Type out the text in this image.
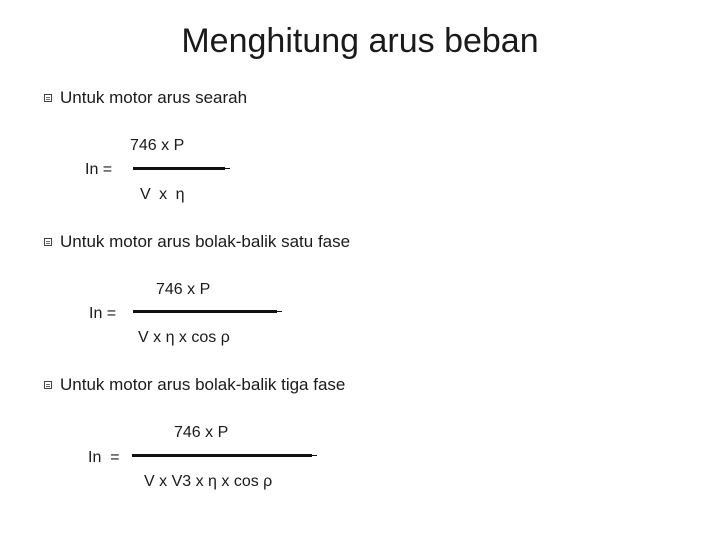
Menghitung arus beban
Untuk motor arus searah
746 x P
In =
V x η
Untuk motor arus bolak-balik satu fase
746 x P
In =
V x η x cos ρ
Untuk motor arus bolak-balik tiga fase
746 x P
In  =
V x V3 x η x cos ρ
